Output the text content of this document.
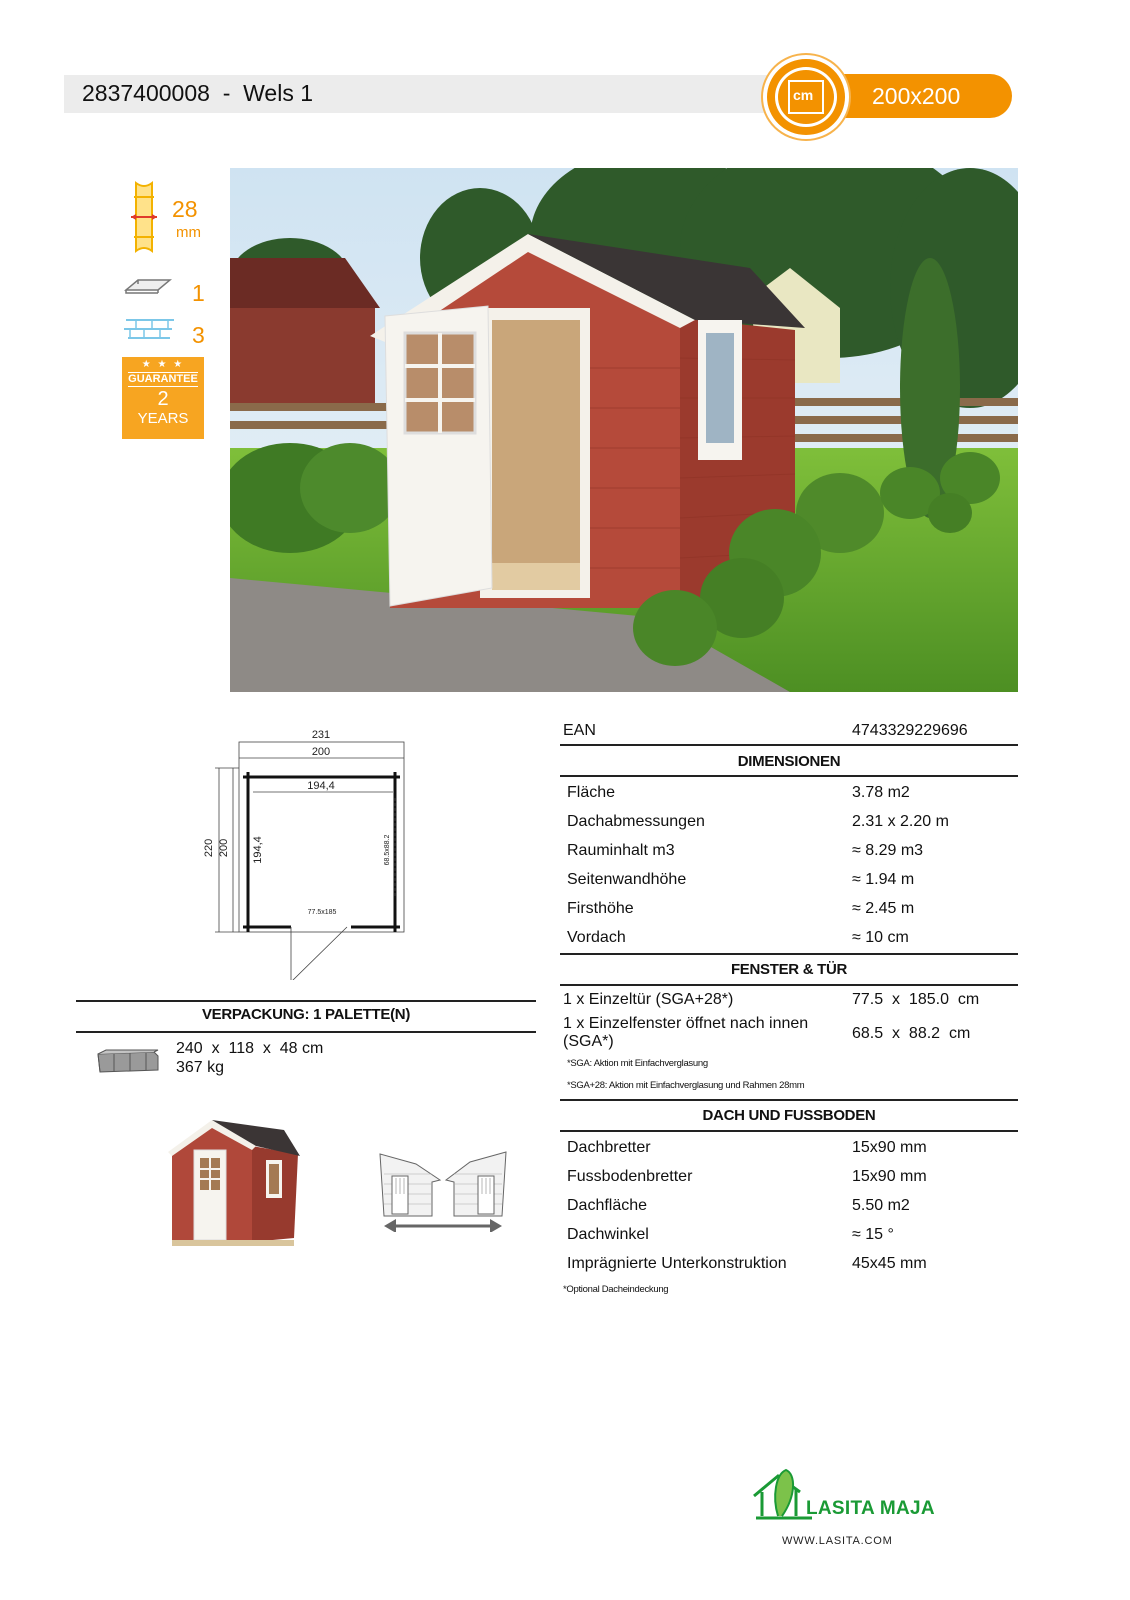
2837400008  -  Wels 1	200x200
cm
28
mm
1
3
★ ★ ★
GUARANTEE
2
YEARS
231
200
194,4
220 200 194,4	68.5x88.2
77.5x185
VERPACKUNG: 1 PALETTE(N)
240  x  118  x  48 cm
367 kg
EAN	4743329229696
DIMENSIONEN
Fläche	3.78 m2
Dachabmessungen	2.31 x 2.20 m
Rauminhalt m3	≈ 8.29 m3
Seitenwandhöhe	≈ 1.94 m
Firsthöhe	≈ 2.45 m
Vordach	≈ 10 cm
FENSTER & TÜR
1 x Einzeltür (SGA+28*)	77.5  x  185.0  cm
1 x Einzelfenster öffnet nach innen
(SGA*)	68.5  x  88.2  cm
*SGA: Aktion mit Einfachverglasung
*SGA+28: Aktion mit Einfachverglasung und Rahmen 28mm
DACH UND FUSSBODEN
Dachbretter	15x90 mm
Fussbodenbretter	15x90 mm
Dachfläche	5.50 m2
Dachwinkel	≈ 15 °
Imprägnierte Unterkonstruktion	45x45 mm
*Optional Dacheindeckung
LASITA MAJA
WWW.LASITA.COM
